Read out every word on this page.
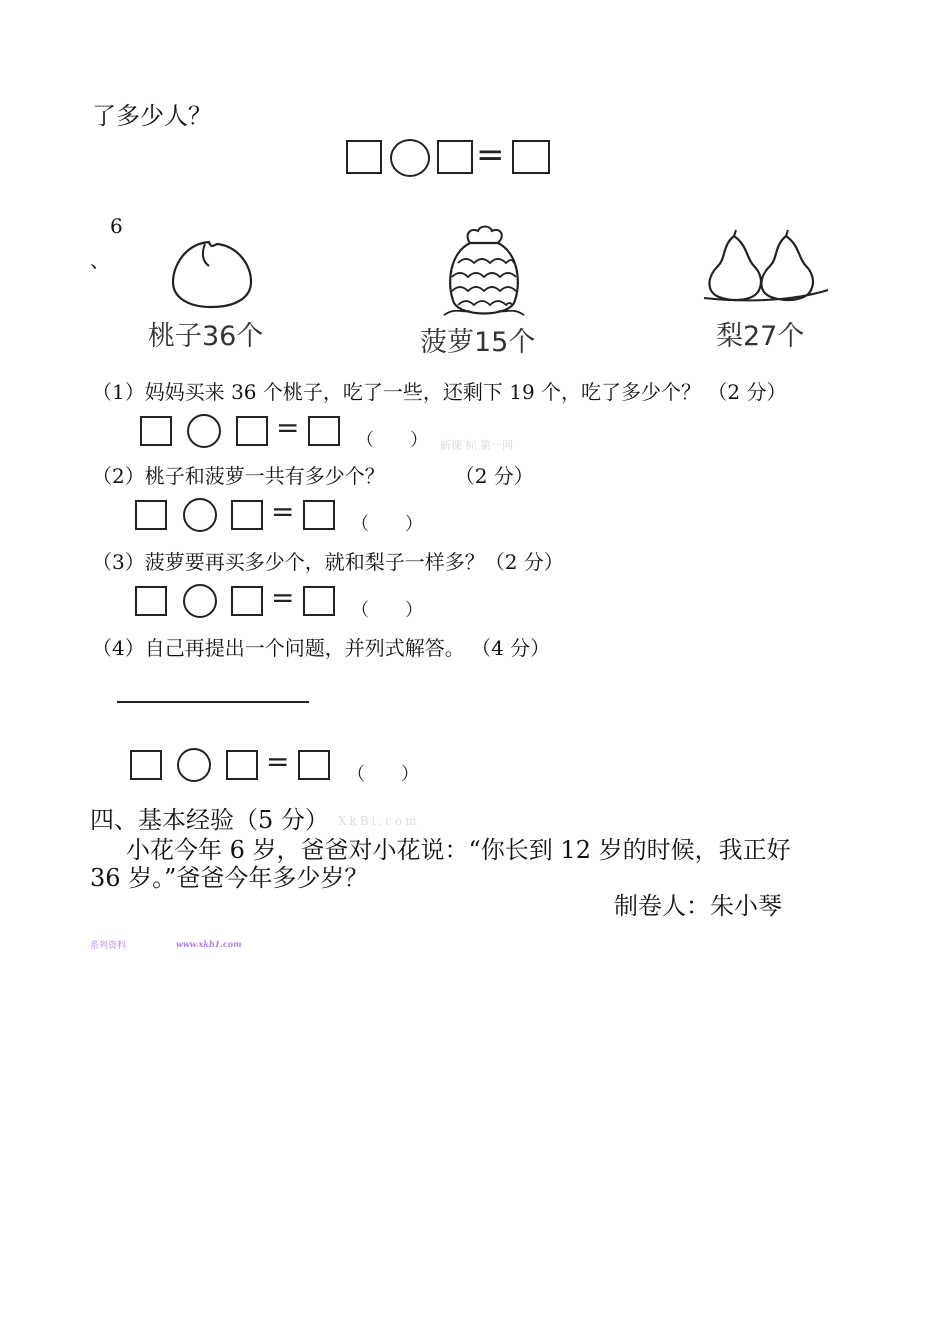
了多少人？
=
6
、
桃子36个	菠萝15个	梨27个
（1）妈妈买来 36 个桃子，吃了一些，还剩下 19 个，吃了多少个？ （2 分）
=	（　　） 新课 标 第一网
（2）桃子和菠萝一共有多少个？　　　　（2 分）
=	（　　）
（3）菠萝要再买多少个，就和梨子一样多？（2 分）
=	（　　）
（4）自己再提出一个问题，并列式解答。 （4 分）
=	（　　）
四、基本经验（5 分） XkBi.com
小花今年 6 岁，爸爸对小花说：“你长到 12 岁的时候，我正好
36 岁。”爸爸今年多少岁？
制卷人：朱小琴
系列资料	www.xkb1.com
